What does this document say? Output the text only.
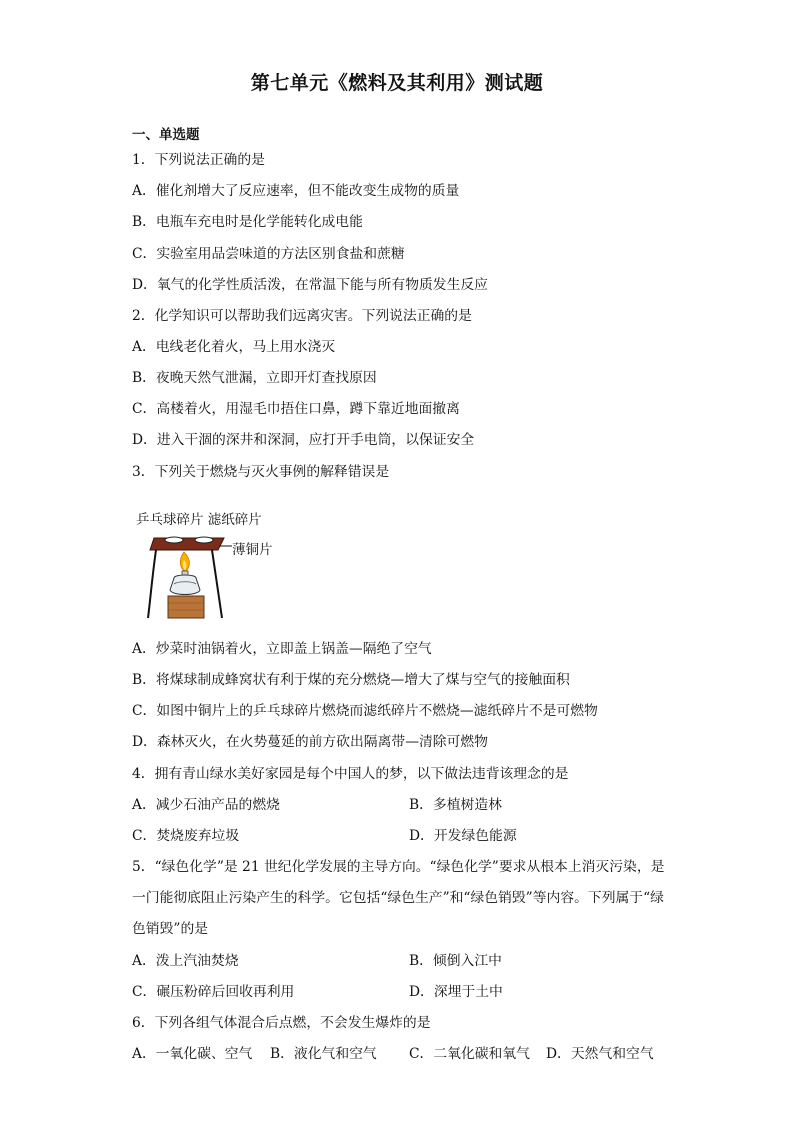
第七单元《燃料及其利用》测试题
一、单选题
1．下列说法正确的是
A．催化剂增大了反应速率，但不能改变生成物的质量
B．电瓶车充电时是化学能转化成电能
C．实验室用品尝味道的方法区别食盐和蔗糖
D．氧气的化学性质活泼，在常温下能与所有物质发生反应
2．化学知识可以帮助我们远离灾害。下列说法正确的是
A．电线老化着火，马上用水浇灭
B．夜晚天然气泄漏，立即开灯查找原因
C．高楼着火，用湿毛巾捂住口鼻，蹲下靠近地面撤离
D．进入干涸的深井和深洞，应打开手电筒，以保证安全
3．下列关于燃烧与灭火事例的解释错误是
乒乓球碎片 滤纸碎片
薄铜片
A．炒菜时油锅着火，立即盖上锅盖—隔绝了空气
B．将煤球制成蜂窝状有利于煤的充分燃烧—增大了煤与空气的接触面积
C．如图中铜片上的乒乓球碎片燃烧而滤纸碎片不燃烧—滤纸碎片不是可燃物
D．森林灭火，在火势蔓延的前方砍出隔离带—清除可燃物
4．拥有青山绿水美好家园是每个中国人的梦，以下做法违背该理念的是
A．减少石油产品的燃烧	B．多植树造林
C．焚烧废弃垃圾	D．开发绿色能源
5．“绿色化学”是 21 世纪化学发展的主导方向。“绿色化学”要求从根本上消灭污染，是
一门能彻底阻止污染产生的科学。它包括“绿色生产”和“绿色销毁”等内容。下列属于“绿
色销毁”的是
A．泼上汽油焚烧	B．倾倒入江中
C．碾压粉碎后回收再利用	D．深埋于土中
6．下列各组气体混合后点燃，不会发生爆炸的是
A．一氧化碳、空气 B．液化气和空气 C．二氧化碳和氧气 D．天然气和空气
